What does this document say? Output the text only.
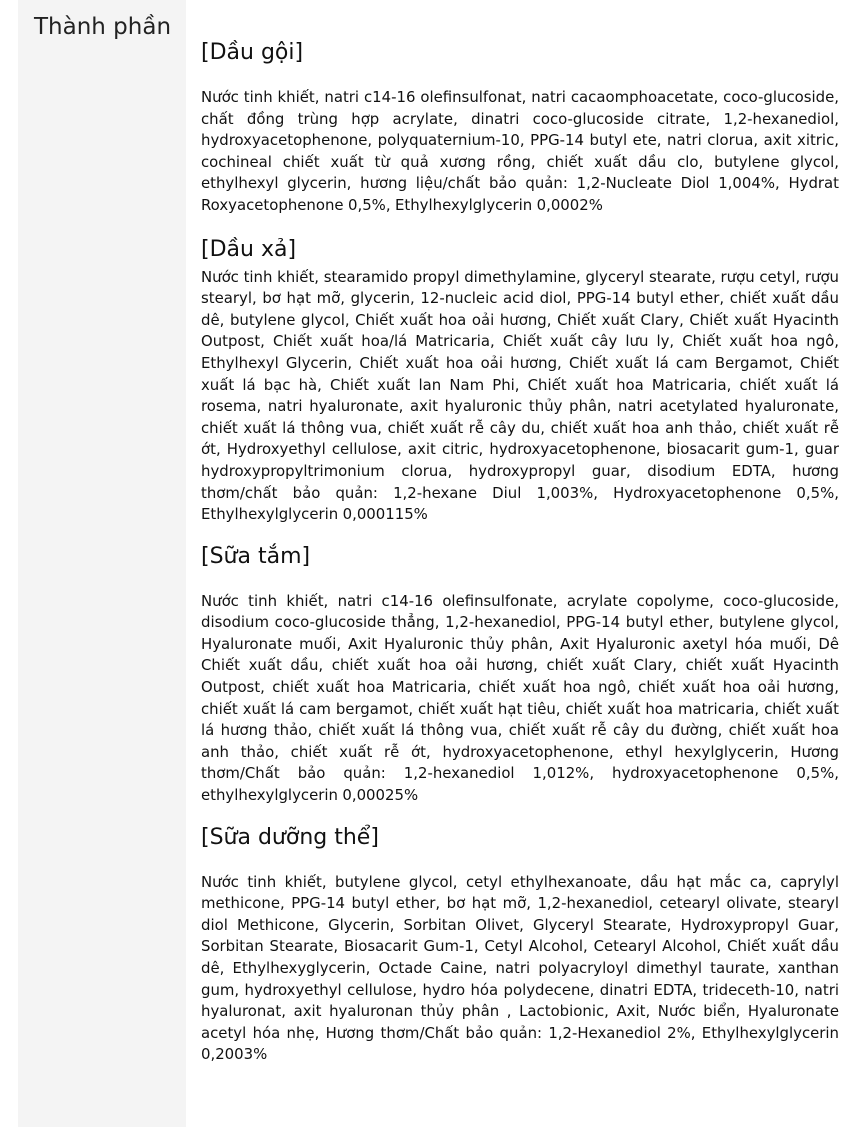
Thành phần
[Dầu gội]

Nước tinh khiết, natri c14-16 olefinsulfonat, natri cacaomphoacetate, coco-glucoside, chất đồng trùng hợp acrylate, dinatri coco-glucoside citrate, 1,2-hexanediol, hydroxyacetophenone, polyquaternium-10, PPG-14 butyl ete, natri clorua, axit xitric, cochineal chiết xuất từ quả xương rồng, chiết xuất dầu clo, butylene glycol, ethylhexyl glycerin, hương liệu/chất bảo quản: 1,2-Nucleate Diol 1,004%, Hydrat Roxyacetophenone 0,5%, Ethylhexylglycerin 0,0002%

[Dầu xả]

Nước tinh khiết, stearamido propyl dimethylamine, glyceryl stearate, rượu cetyl, rượu stearyl, bơ hạt mỡ, glycerin, 12-nucleic acid diol, PPG-14 butyl ether, chiết xuất dầu dê, butylene glycol, Chiết xuất hoa oải hương, Chiết xuất Clary, Chiết xuất Hyacinth Outpost, Chiết xuất hoa/lá Matricaria, Chiết xuất cây lưu ly, Chiết xuất hoa ngô, Ethylhexyl Glycerin, Chiết xuất hoa oải hương, Chiết xuất lá cam Bergamot, Chiết xuất lá bạc hà, Chiết xuất lan Nam Phi, Chiết xuất hoa Matricaria, chiết xuất lá rosema, natri hyaluronate, axit hyaluronic thủy phân, natri acetylated hyaluronate, chiết xuất lá thông vua, chiết xuất rễ cây du, chiết xuất hoa anh thảo, chiết xuất rễ ớt, Hydroxyethyl cellulose, axit citric, hydroxyacetophenone, biosacarit gum-1, guar hydroxypropyltrimonium clorua, hydroxypropyl guar, disodium EDTA, hương thơm/chất bảo quản: 1,2-hexane Diul 1,003%, Hydroxyacetophenone 0,5%, Ethylhexylglycerin 0,000115%

[Sữa tắm]

Nước tinh khiết, natri c14-16 olefinsulfonate, acrylate copolyme, coco-glucoside, disodium coco-glucoside thẳng, 1,2-hexanediol, PPG-14 butyl ether, butylene glycol, Hyaluronate muối, Axit Hyaluronic thủy phân, Axit Hyaluronic axetyl hóa muối, Dê Chiết xuất dầu, chiết xuất hoa oải hương, chiết xuất Clary, chiết xuất Hyacinth Outpost, chiết xuất hoa Matricaria, chiết xuất hoa ngô, chiết xuất hoa oải hương, chiết xuất lá cam bergamot, chiết xuất hạt tiêu, chiết xuất hoa matricaria, chiết xuất lá hương thảo, chiết xuất lá thông vua, chiết xuất rễ cây du đường, chiết xuất hoa anh thảo, chiết xuất rễ ớt, hydroxyacetophenone, ethyl hexylglycerin, Hương thơm/Chất bảo quản: 1,2-hexanediol 1,012%, hydroxyacetophenone 0,5%, ethylhexylglycerin 0,00025%

[Sữa dưỡng thể]

Nước tinh khiết, butylene glycol, cetyl ethylhexanoate, dầu hạt mắc ca, caprylyl methicone, PPG-14 butyl ether, bơ hạt mỡ, 1,2-hexanediol, cetearyl olivate, stearyl diol Methicone, Glycerin, Sorbitan Olivet, Glyceryl Stearate, Hydroxypropyl Guar, Sorbitan Stearate, Biosacarit Gum-1, Cetyl Alcohol, Cetearyl Alcohol, Chiết xuất dầu dê, Ethylhexyglycerin, Octade Caine, natri polyacryloyl dimethyl taurate, xanthan gum, hydroxyethyl cellulose, hydro hóa polydecene, dinatri EDTA, trideceth-10, natri hyaluronat, axit hyaluronan thủy phân , Lactobionic, Axit, Nước biển, Hyaluronate acetyl hóa nhẹ, Hương thơm/Chất bảo quản: 1,2-Hexanediol 2%, Ethylhexylglycerin 0,2003%
